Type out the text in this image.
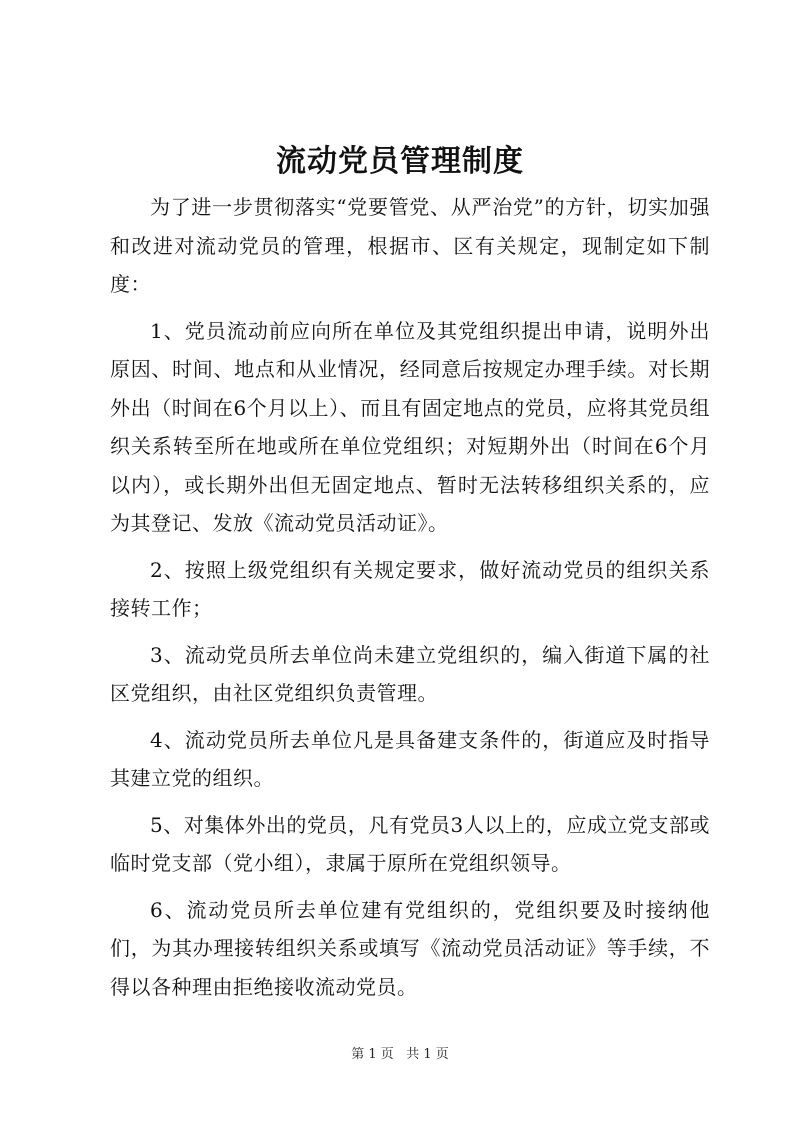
流动党员管理制度

为了进一步贯彻落实“党要管党、从严治党”的方针，切实加强和改进对流动党员的管理，根据市、区有关规定，现制定如下制度：

1、党员流动前应向所在单位及其党组织提出申请，说明外出原因、时间、地点和从业情况，经同意后按规定办理手续。对长期外出（时间在6个月以上）、而且有固定地点的党员，应将其党员组织关系转至所在地或所在单位党组织；对短期外出（时间在6个月以内），或长期外出但无固定地点、暂时无法转移组织关系的，应为其登记、发放《流动党员活动证》。

2、按照上级党组织有关规定要求，做好流动党员的组织关系接转工作；

3、流动党员所去单位尚未建立党组织的，编入街道下属的社区党组织，由社区党组织负责管理。

4、流动党员所去单位凡是具备建支条件的，街道应及时指导其建立党的组织。

5、对集体外出的党员，凡有党员3人以上的，应成立党支部或临时党支部（党小组），隶属于原所在党组织领导。

6、流动党员所去单位建有党组织的，党组织要及时接纳他们，为其办理接转组织关系或填写《流动党员活动证》等手续，不得以各种理由拒绝接收流动党员。

第 1 页 共 1 页
